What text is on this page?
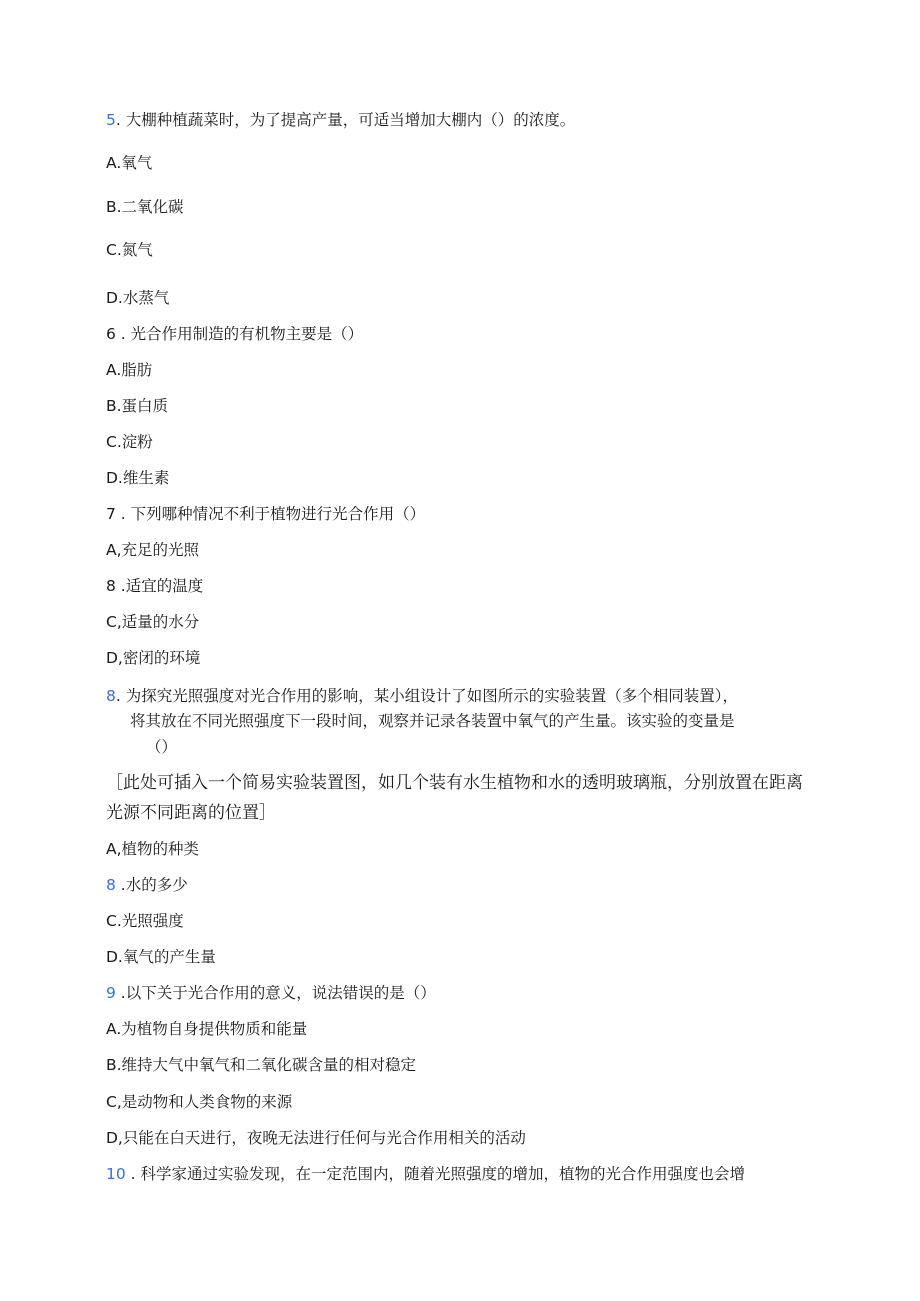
5. 大棚种植蔬菜时，为了提高产量，可适当增加大棚内（）的浓度。
A.氧气
B.二氧化碳
C.氮气
D.水蒸气
6 . 光合作用制造的有机物主要是（）
A.脂肪
B.蛋白质
C.淀粉
D.维生素
7 . 下列哪种情况不利于植物进行光合作用（）
A,充足的光照
8 .适宜的温度
C,适量的水分
D,密闭的环境
8. 为探究光照强度对光合作用的影响，某小组设计了如图所示的实验装置（多个相同装置），
将其放在不同光照强度下一段时间，观察并记录各装置中氧气的产生量。该实验的变量是
（）
［此处可插入一个简易实验装置图，如几个装有水生植物和水的透明玻璃瓶，分别放置在距离
光源不同距离的位置］
A,植物的种类
8 .水的多少
C.光照强度
D.氧气的产生量
9 .以下关于光合作用的意义，说法错误的是（）
A.为植物自身提供物质和能量
B.维持大气中氧气和二氧化碳含量的相对稳定
C,是动物和人类食物的来源
D,只能在白天进行，夜晚无法进行任何与光合作用相关的活动
10 . 科学家通过实验发现，在一定范围内，随着光照强度的增加，植物的光合作用强度也会增
